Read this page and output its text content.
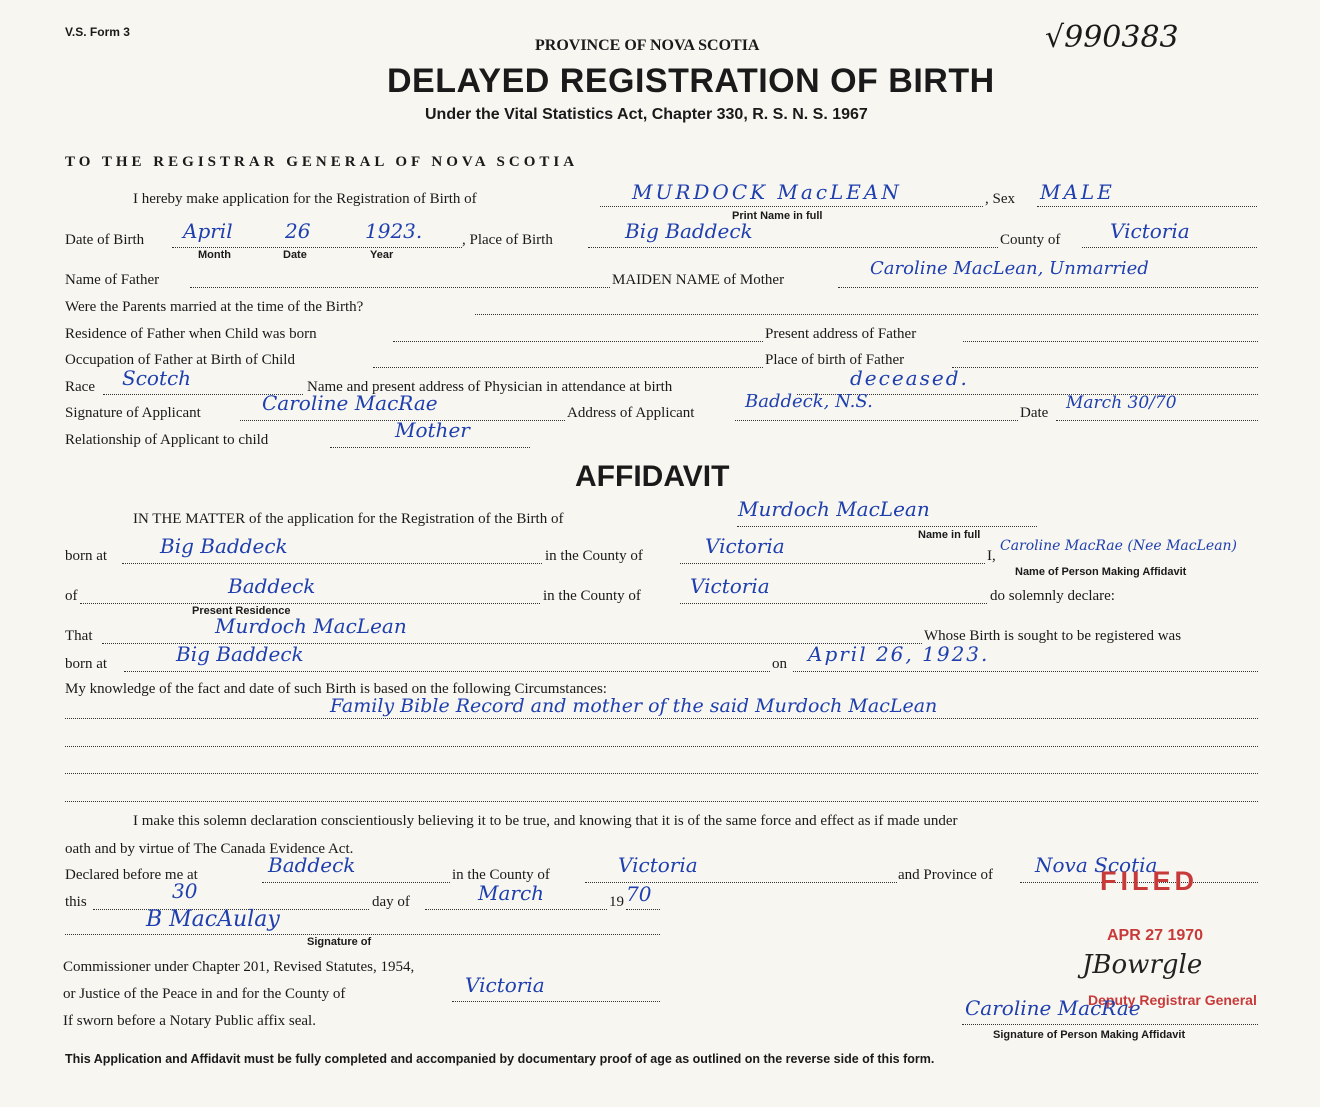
V.S. Form 3
PROVINCE OF NOVA SCOTIA
DELAYED REGISTRATION OF BIRTH
Under the Vital Statistics Act, Chapter 330, R. S. N. S. 1967
√990383
TO THE REGISTRAR GENERAL OF NOVA SCOTIA
I hereby make application for the Registration of Birth of	MURDOCK MacLEAN	, Sex MALE
Print Name in full
Date of Birth April	26	1923.
Month	Date	Year
, Place of Birth	Big Baddeck	County of Victoria
Name of Father	MAIDEN NAME of Mother
Caroline MacLean, Unmarried
Were the Parents married at the time of the Birth?
Residence of Father when Child was born	Present address of Father
Occupation of Father at Birth of Child	Place of birth of Father
Race Scotch	Name and present address of Physician in attendance at birth	deceased.
Signature of Applicant	Caroline MacRae	Address of Applicant
Baddeck, N.S.
Date March 30/70
Relationship of Applicant to child	Mother
AFFIDAVIT
IN THE MATTER of the application for the Registration of the Birth of	Murdoch MacLean
Name in full
born at	Big Baddeck	in the County of	Victoria	I,
Caroline MacRae (Nee MacLean)
Name of Person Making Affidavit
of	Baddeck	in the County of Victoria	do solemnly declare:
Present Residence
That	Murdoch MacLean	Whose Birth is sought to be registered was
born at	Big Baddeck	on April 26, 1923.
My knowledge of the fact and date of such Birth is based on the following Circumstances:
Family Bible Record and mother of the said Murdoch MacLean
I make this solemn declaration conscientiously believing it to be true, and knowing that it is of the same force and effect as if made under
oath and by virtue of The Canada Evidence Act.
Declared before me at	Baddeck	in the County of	Victoria	and Province of Nova Scotia
this	30	day of	March	19 70
B MacAulay
Signature of
Commissioner under Chapter 201, Revised Statutes, 1954,
or Justice of the Peace in and for the County of	Victoria
If sworn before a Notary Public affix seal.
FILED
APR 27 1970
JBowrgle
Deputy Registrar General
Caroline MacRae
Signature of Person Making Affidavit
This Application and Affidavit must be fully completed and accompanied by documentary proof of age as outlined on the reverse side of this form.
